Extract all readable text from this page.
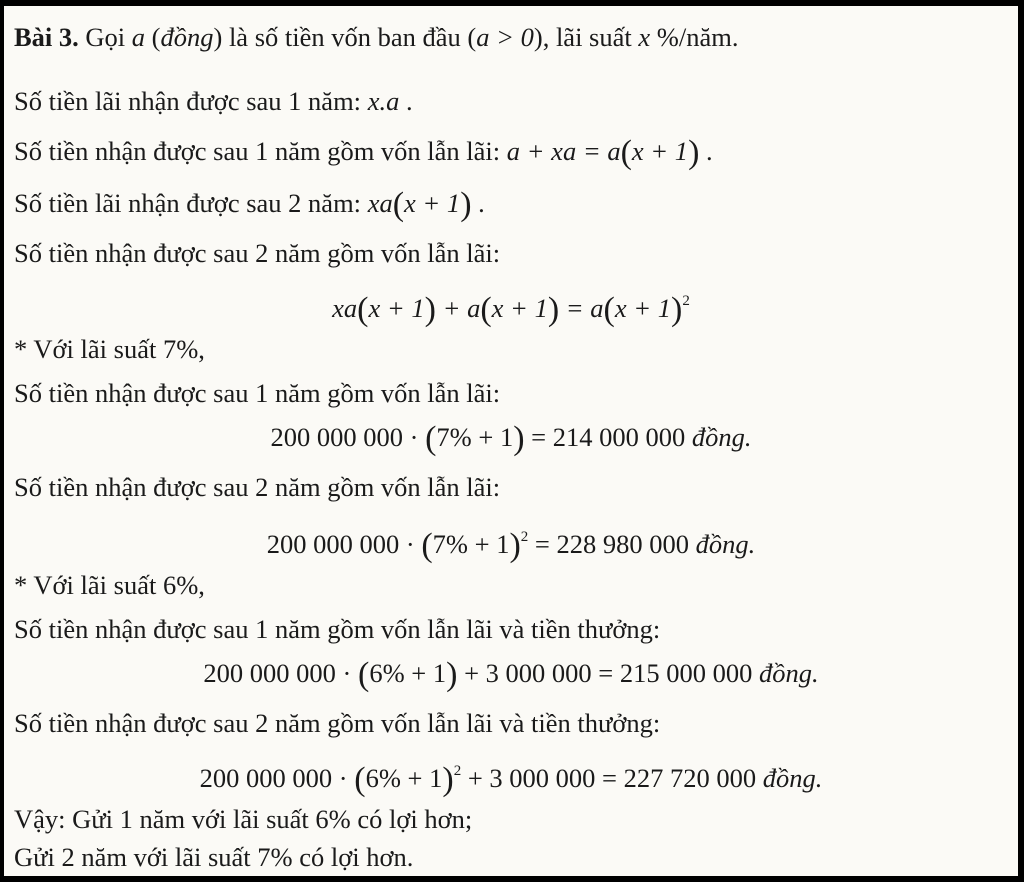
Bài 3. Gọi a (đồng) là số tiền vốn ban đầu (a > 0), lãi suất x %/năm.
Số tiền lãi nhận được sau 1 năm: x.a .
Số tiền nhận được sau 1 năm gồm vốn lẫn lãi: a + xa = a(x + 1) .
Số tiền lãi nhận được sau 2 năm: xa(x + 1) .
Số tiền nhận được sau 2 năm gồm vốn lẫn lãi:
$xa(x + 1) + a(x + 1) = a(x + 1)^2$
* Với lãi suất 7%,
Số tiền nhận được sau 1 năm gồm vốn lẫn lãi:
200 000 000 · (7% + 1) = 214 000 000 đồng.
Số tiền nhận được sau 2 năm gồm vốn lẫn lãi:
200 000 $000 \cdot (7\% + 1)^2 = 228$ 980 000 đồng.
* Với lãi suất 6%,
Số tiền nhận được sau 1 năm gồm vốn lẫn lãi và tiền thưởng:
200 000 000 · (6% + 1) + 3 000 000 = 215 000 000 đồng.
Số tiền nhận được sau 2 năm gồm vốn lẫn lãi và tiền thưởng:
200 000 $000 \cdot (6\% + 1)^2 + 3$ 000 000 = 227 720 000 đồng.
Vậy: Gửi 1 năm với lãi suất 6% có lợi hơn;
Gửi 2 năm với lãi suất 7% có lợi hơn.
